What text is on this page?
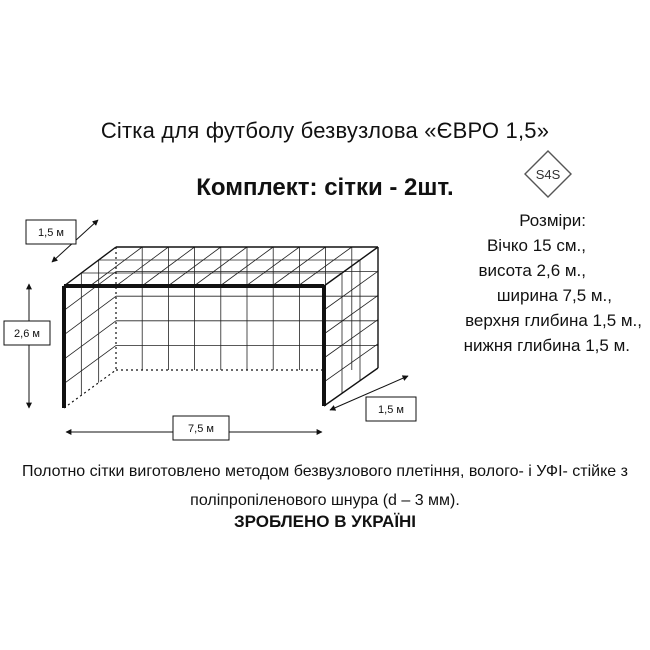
Сітка для футболу безвузлова «ЄВРО 1,5»
Комплект: сітки - 2шт.	S4S
Розміри:
Вічко 15 см.,
висота 2,6 м.,
ширина 7,5 м.,
верхня глибина 1,5 м.,
нижня глибина 1,5 м.
1,5 м
2,6 м
7,5 м
1,5 м
Полотно сітки виготовлено методом безвузлового плетіння, волого- і УФІ- стійке з поліпропіленового шнура (d – 3 мм).
ЗРОБЛЕНО В УКРАЇНІ
